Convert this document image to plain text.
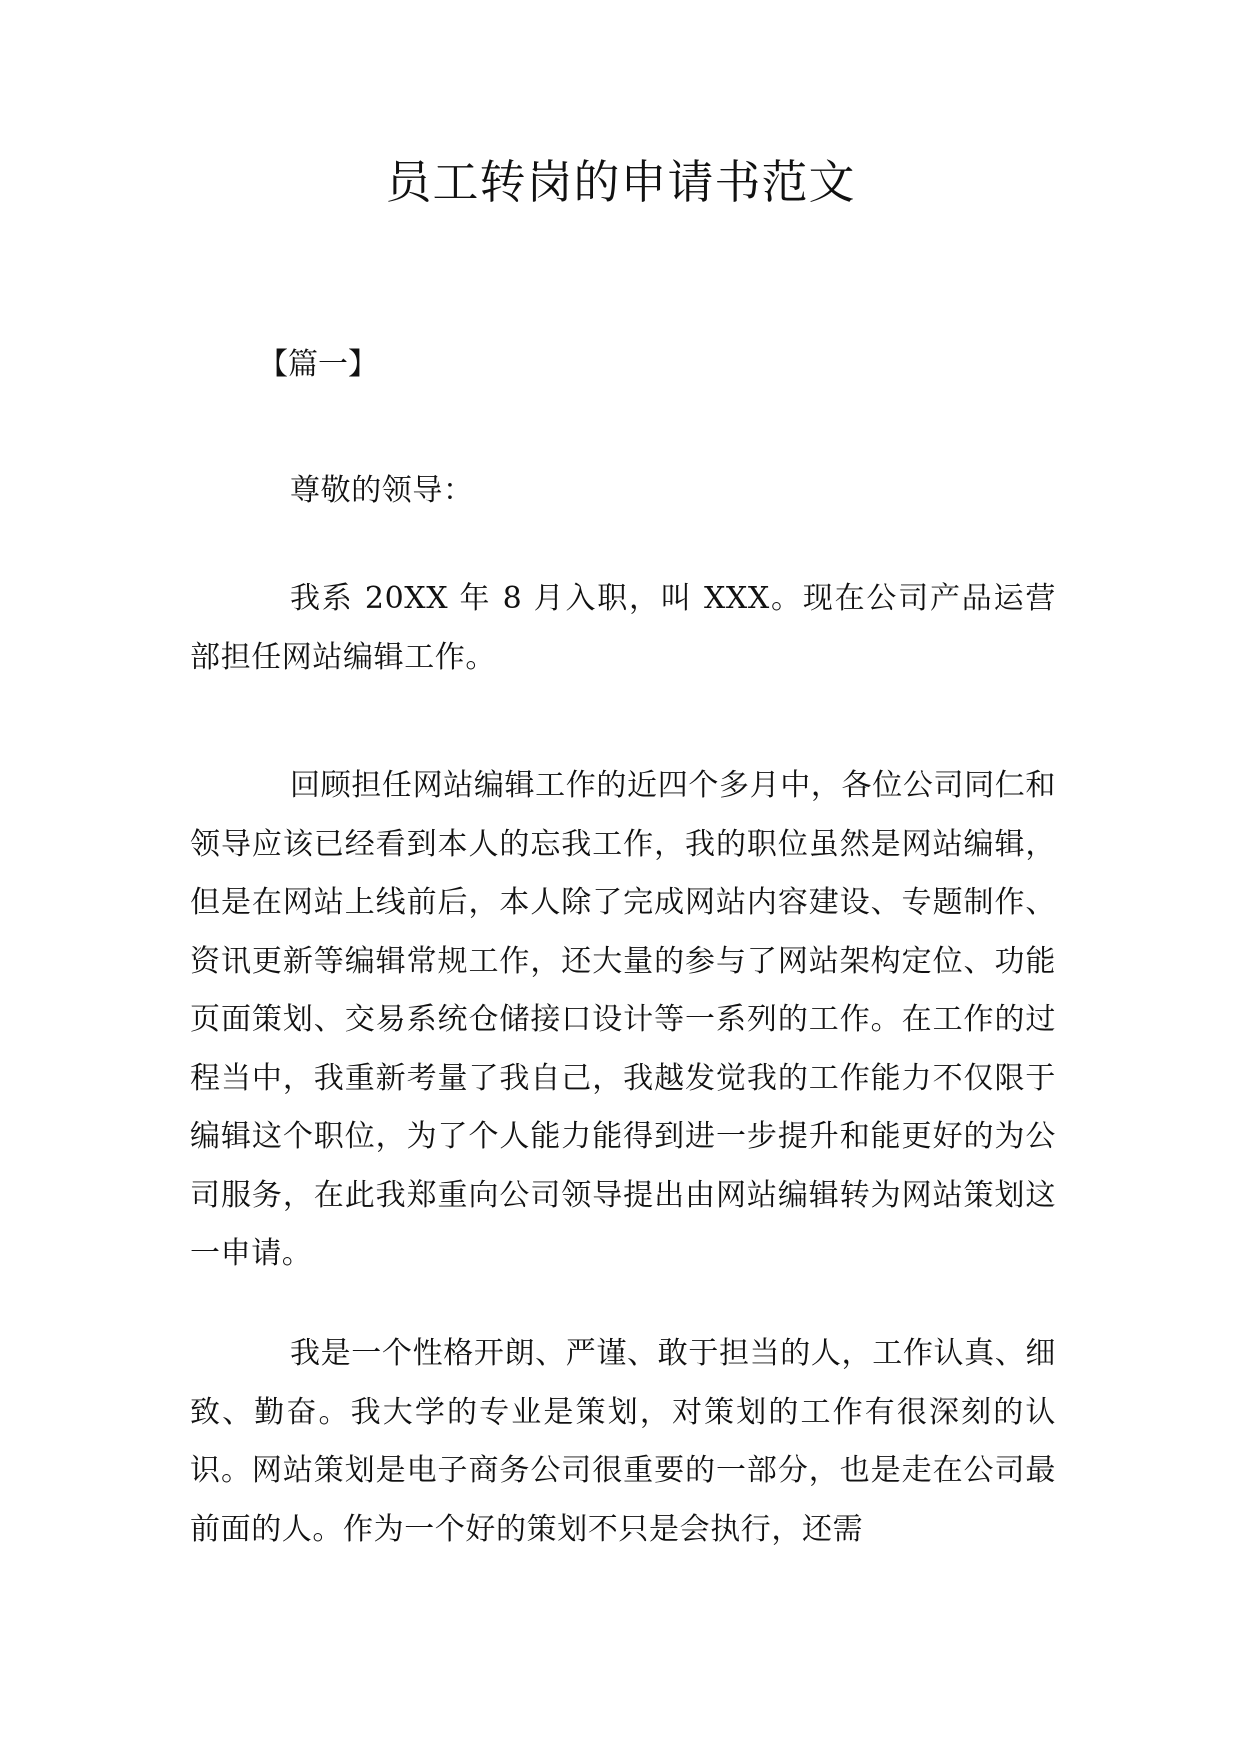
员工转岗的申请书范文

【篇一】

尊敬的领导：

我系 20XX 年 8 月入职，叫 XXX。现在公司产品运营部担任网站编辑工作。

回顾担任网站编辑工作的近四个多月中，各位公司同仁和领导应该已经看到本人的忘我工作，我的职位虽然是网站编辑，但是在网站上线前后，本人除了完成网站内容建设、专题制作、资讯更新等编辑常规工作，还大量的参与了网站架构定位、功能页面策划、交易系统仓储接口设计等一系列的工作。在工作的过程当中，我重新考量了我自己，我越发觉我的工作能力不仅限于编辑这个职位，为了个人能力能得到进一步提升和能更好的为公司服务，在此我郑重向公司领导提出由网站编辑转为网站策划这一申请。

我是一个性格开朗、严谨、敢于担当的人，工作认真、细致、勤奋。我大学的专业是策划，对策划的工作有很深刻的认识。网站策划是电子商务公司很重要的一部分，也是走在公司最前面的人。作为一个好的策划不只是会执行，还需
